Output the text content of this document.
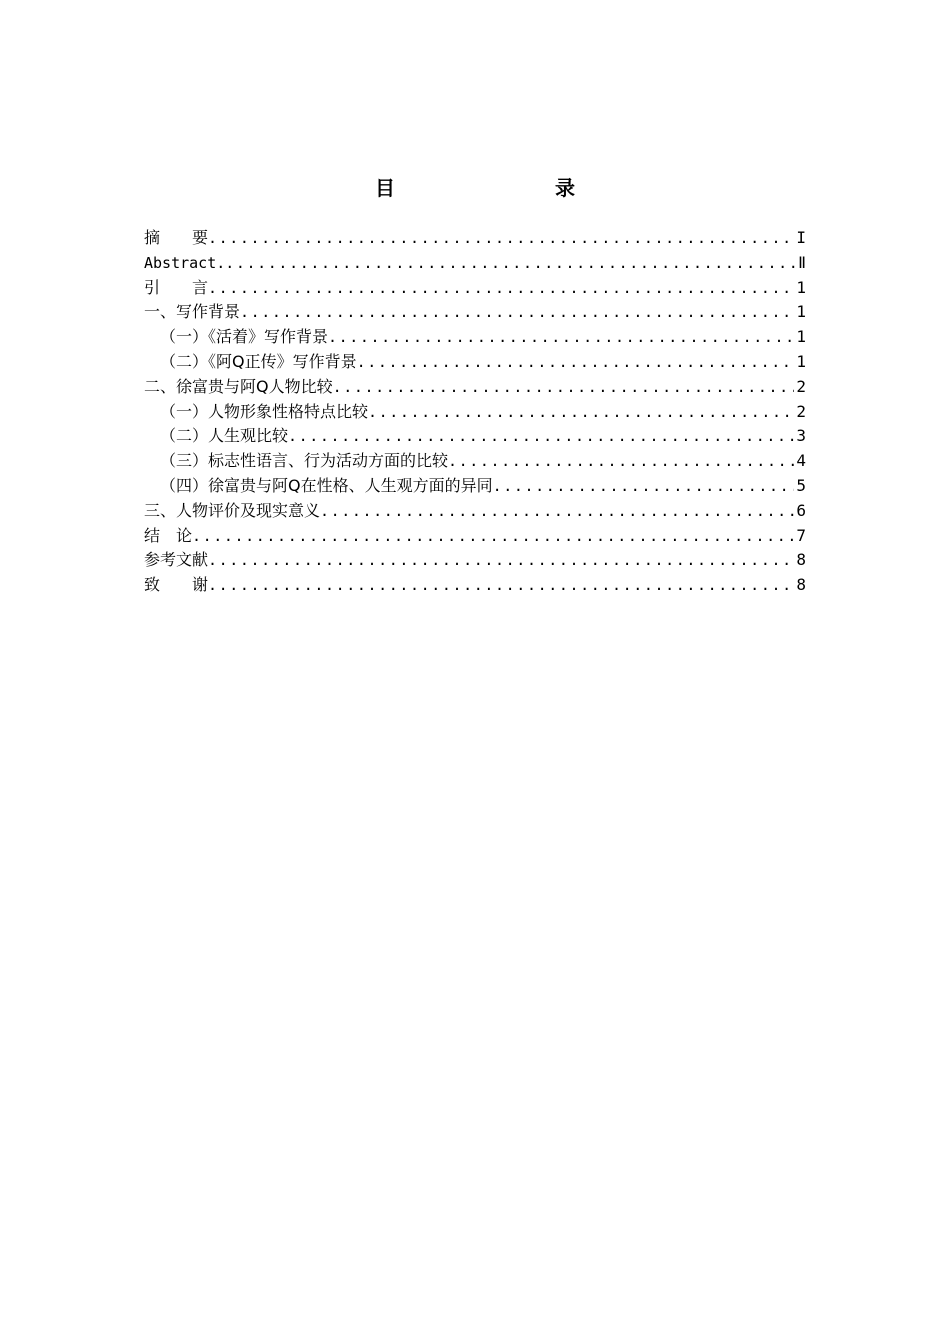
目　　录
摘　　要 .....	I
Abstract. .....	Ⅱ
引　　言 .....	1
一、写作背景 .....	1
（一）《活着》写作背景 .....	1
（二）《阿Q正传》写作背景 .....	1
二、徐富贵与阿Q人物比较 .....	2
（一）人物形象性格特点比较 .....	2
（二）人生观比较 .....	3
（三）标志性语言、行为活动方面的比较 .....	4
（四）徐富贵与阿Q在性格、人生观方面的异同 .....	5
三、人物评价及现实意义 .....	6
结　论 .....	7
参考文献 .....	8
致　　谢 .....	8
